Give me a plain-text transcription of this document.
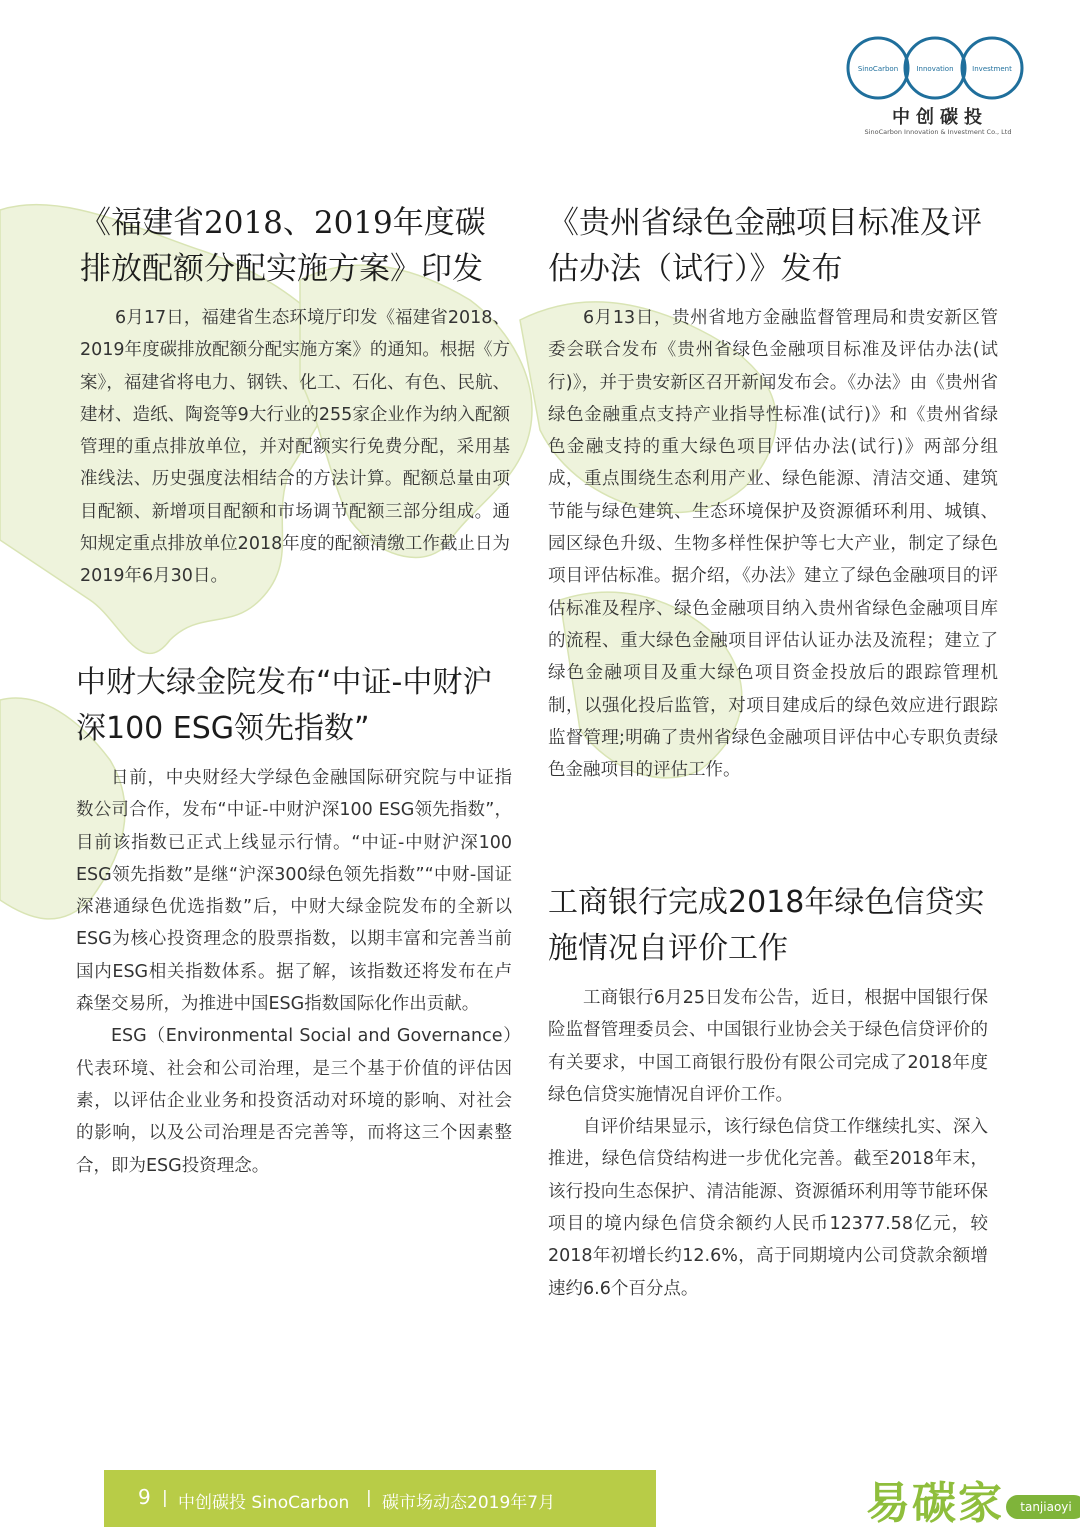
SinoCarbon	Innovation	Investment
中创碳投
SinoCarbon Innovation & Investment Co., Ltd
《福建省2018、2019年度碳排放配额分配实施方案》印发

6月17日，福建省生态环境厅印发《福建省2018、2019年度碳排放配额分配实施方案》的通知。根据《方案》，福建省将电力、钢铁、化工、石化、有色、民航、建材、造纸、陶瓷等9大行业的255家企业作为纳入配额管理的重点排放单位，并对配额实行免费分配，采用基准线法、历史强度法相结合的方法计算。配额总量由项目配额、新增项目配额和市场调节配额三部分组成。通知规定重点排放单位2018年度的配额清缴工作截止日为2019年6月30日。

《贵州省绿色金融项目标准及评估办法（试行）》发布

6月13日，贵州省地方金融监督管理局和贵安新区管委会联合发布《贵州省绿色金融项目标准及评估办法(试行)》，并于贵安新区召开新闻发布会。《办法》由《贵州省绿色金融重点支持产业指导性标准(试行)》和《贵州省绿色金融支持的重大绿色项目评估办法(试行)》两部分组成，重点围绕生态利用产业、绿色能源、清洁交通、建筑节能与绿色建筑、生态环境保护及资源循环利用、城镇、园区绿色升级、生物多样性保护等七大产业，制定了绿色项目评估标准。据介绍，《办法》建立了绿色金融项目的评估标准及程序、绿色金融项目纳入贵州省绿色金融项目库的流程、重大绿色金融项目评估认证办法及流程；建立了绿色金融项目及重大绿色项目资金投放后的跟踪管理机制，以强化投后监管，对项目建成后的绿色效应进行跟踪监督管理;明确了贵州省绿色金融项目评估中心专职负责绿色金融项目的评估工作。

中财大绿金院发布“中证-中财沪深100 ESG领先指数”

日前，中央财经大学绿色金融国际研究院与中证指数公司合作，发布“中证-中财沪深100 ESG领先指数”，目前该指数已正式上线显示行情。“中证-中财沪深100 ESG领先指数”是继“沪深300绿色领先指数”“中财-国证深港通绿色优选指数”后，中财大绿金院发布的全新以ESG为核心投资理念的股票指数，以期丰富和完善当前国内ESG相关指数体系。据了解，该指数还将发布在卢森堡交易所，为推进中国ESG指数国际化作出贡献。

ESG（Environmental Social and Governance）代表环境、社会和公司治理，是三个基于价值的评估因素，以评估企业业务和投资活动对环境的影响、对社会的影响，以及公司治理是否完善等，而将这三个因素整合，即为ESG投资理念。

工商银行完成2018年绿色信贷实施情况自评价工作

工商银行6月25日发布公告，近日，根据中国银行保险监督管理委员会、中国银行业协会关于绿色信贷评价的有关要求，中国工商银行股份有限公司完成了2018年度绿色信贷实施情况自评价工作。

自评价结果显示，该行绿色信贷工作继续扎实、深入推进，绿色信贷结构进一步优化完善。截至2018年末，该行投向生态保护、清洁能源、资源循环利用等节能环保项目的境内绿色信贷余额约人民币12377.58亿元，较2018年初增长约12.6%，高于同期境内公司贷款余额增速约6.6个百分点。

9 | 中创碳投 SinoCarbon | 碳市场动态2019年7月	易碳家	tanjiaoyi
